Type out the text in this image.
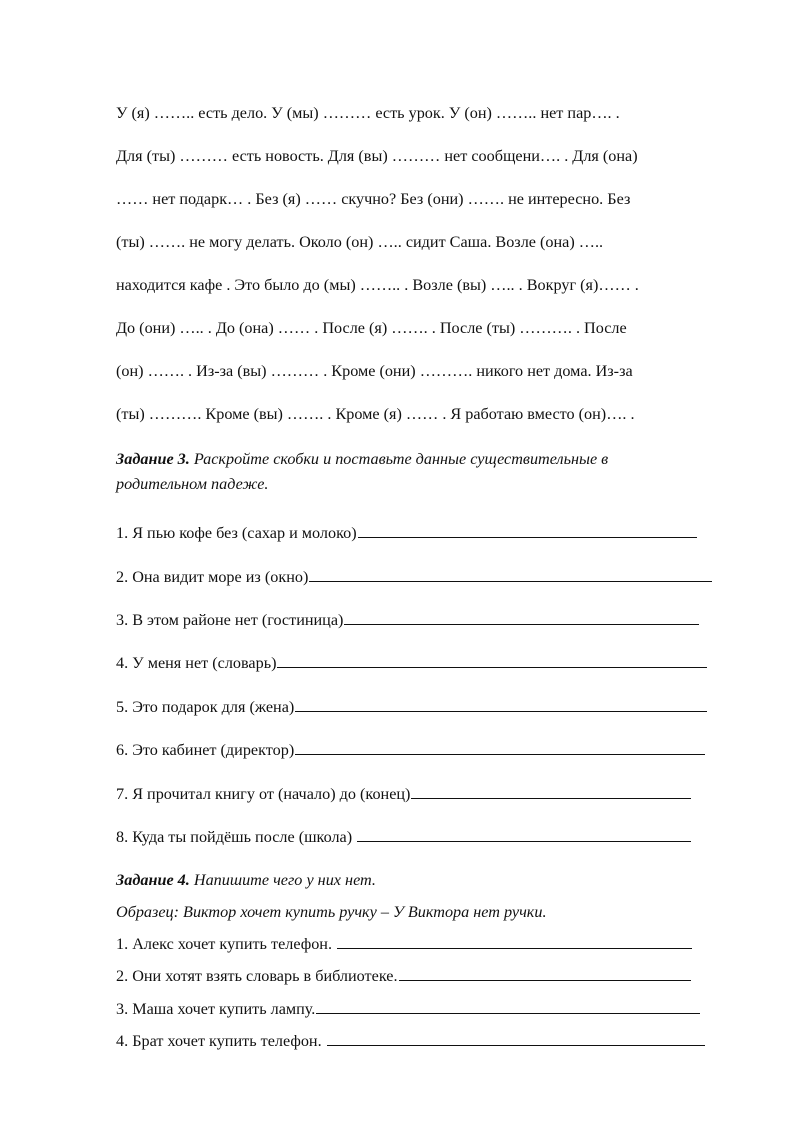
У (я) …….. есть дело. У (мы) ……… есть урок. У (он) …….. нет пар…. .
Для (ты) ……… есть новость. Для (вы) ……… нет сообщени…. . Для (она)
…… нет подарк… . Без (я) …… скучно? Без (они) ……. не интересно. Без
(ты) ……. не могу делать. Около (он) ….. сидит Саша. Возле (она) …..
находится кафе . Это было до (мы) …….. . Возле (вы) ….. . Вокруг (я)…… .
До (они) ….. . До (она) …… . После (я) ……. . После (ты) ………. . После
(он) ……. . Из-за (вы) ……… . Кроме (они) ………. никого нет дома. Из-за
(ты) ………. Кроме (вы) ……. . Кроме (я) …… . Я работаю вместо (он)…. .
Задание 3. Раскройте скобки и поставьте данные существительные в
родительном падеже.
1. Я пью кофе без (сахар и молоко)
2. Она видит море из (окно)
3. В этом районе нет (гостиница)
4. У меня нет (словарь)
5. Это подарок для (жена)
6. Это кабинет (директор)
7. Я прочитал книгу от (начало) до (конец)
8. Куда ты пойдёшь после (школа)
Задание 4. Напишите чего у них нет.
Образец: Виктор хочет купить ручку – У Виктора нет ручки.
1. Алекс хочет купить телефон.
2. Они хотят взять словарь в библиотеке.
3. Маша хочет купить лампу.
4. Брат хочет купить телефон.
